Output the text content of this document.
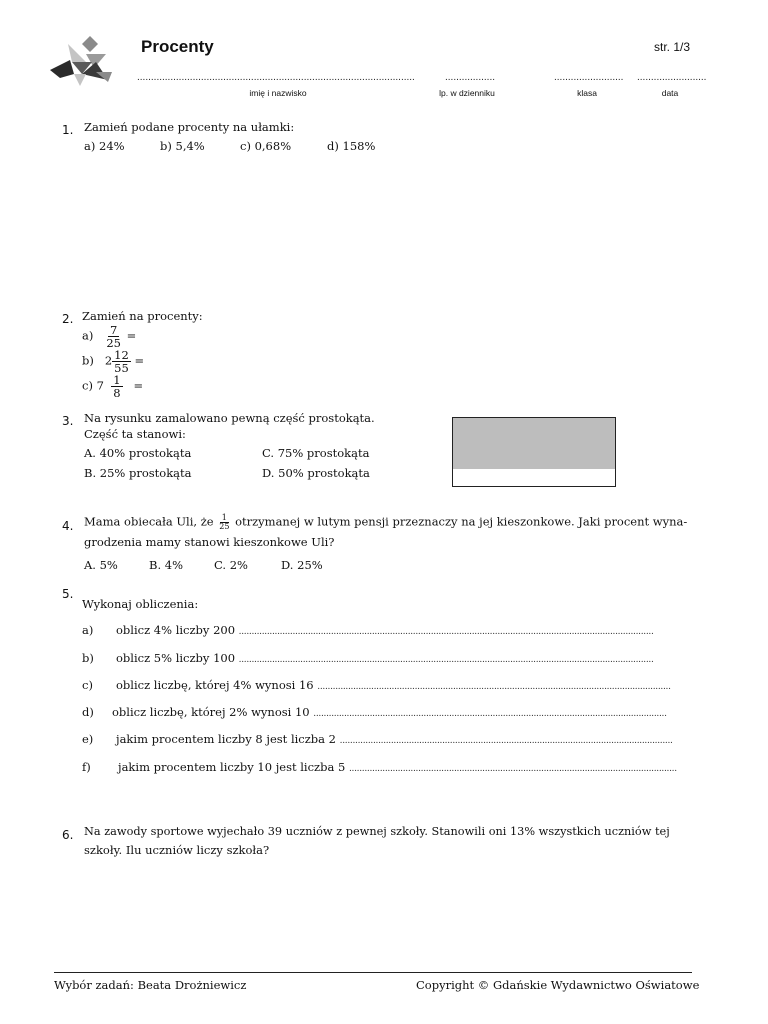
Procenty	str. 1/3
....................................................................................................	..................	......................... .........................
imię i nazwisko	lp. w dzienniku	klasa	data
1. Zamień podane procenty na ułamki:
a) 24%	b) 5,4%	c) 0,68%	d) 158%
2. Zamień na procenty:
$a) \frac{7}{25}$ =
b) $2 \frac{12}{55}$ =
c) $7 \frac{1}{8}$ =
3. Na rysunku zamalowano pewną część prostokąta.
Część ta stanowi:
A. 40% prostokąta	C. 75% prostokąta
B. 25% prostokąta	D. 50% prostokąta
4. Mama obiecała Uli, że $\frac{1}{25}$ otrzymanej w lutym pensji przeznaczy na jej kieszonkowe. Jaki procent wyna-
grodzenia mamy stanowi kieszonkowe Uli?
A. 5%	B. 4%	C. 2%	D. 25%
5.
Wykonaj obliczenia:
a) oblicz 4% liczby 200 ..................................................................................................................................................................
b) oblicz 5% liczby 100 ..................................................................................................................................................................
c) oblicz liczbę, której 4% wynosi 16 ..........................................................................................................................................
d) oblicz liczbę, której 2% wynosi 10 ..........................................................................................................................................
e) jakim procentem liczby 8 jest liczba 2 ..................................................................................................................................
f) jakim procentem liczby 10 jest liczba 5 ................................................................................................................................
6. Na zawody sportowe wyjechało 39 uczniów z pewnej szkoły. Stanowili oni 13% wszystkich uczniów tej
szkoły. Ilu uczniów liczy szkoła?
Wybór zadań: Beata Drożniewicz	Copyright © Gdańskie Wydawnictwo Oświatowe
